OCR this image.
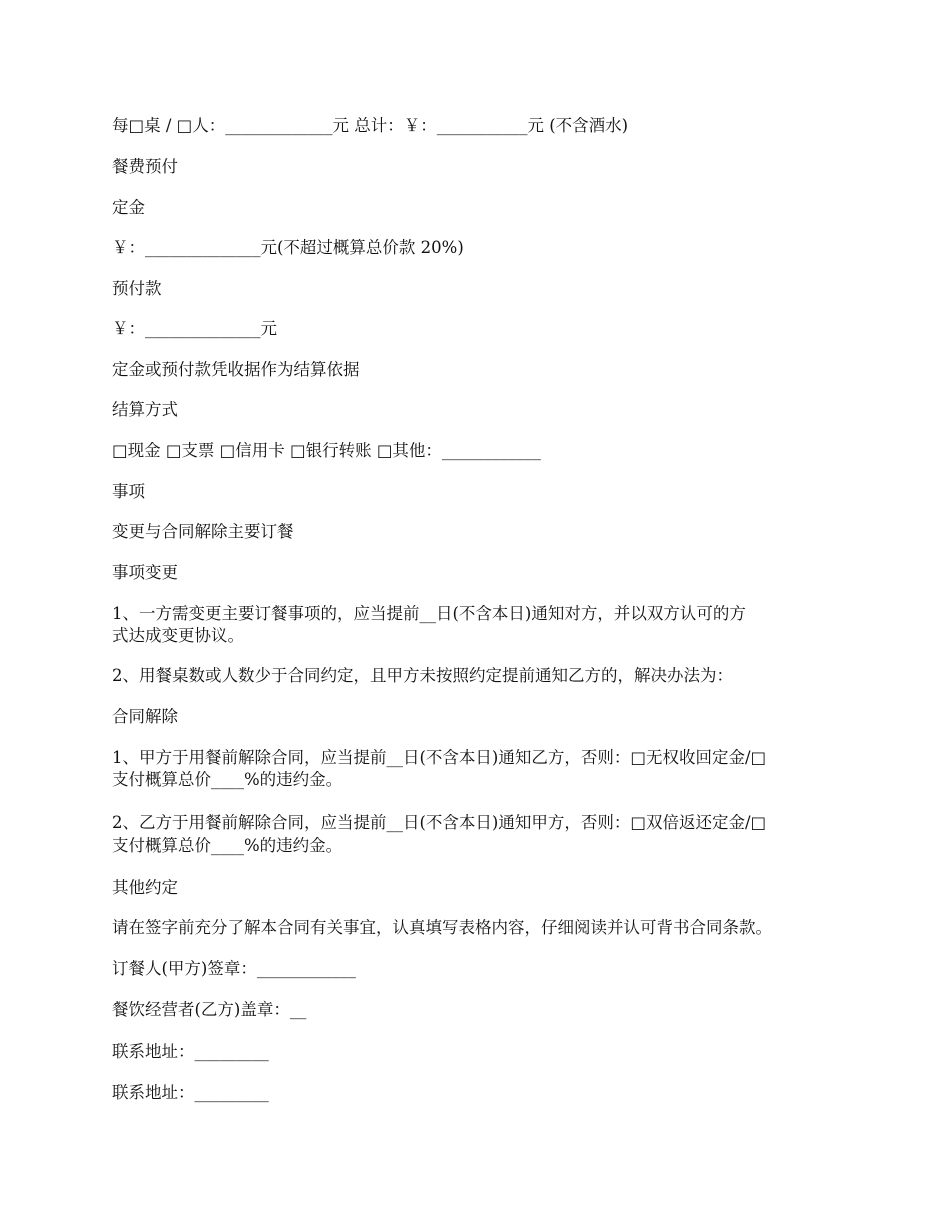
每□桌 / □人：_____________元 总计：￥：___________元 (不含酒水)

餐费预付

定金

￥：______________元(不超过概算总价款 20%)

预付款

￥：______________元

定金或预付款凭收据作为结算依据

结算方式

□现金 □支票 □信用卡 □银行转账 □其他：____________

事项

变更与合同解除主要订餐

事项变更

1、一方需变更主要订餐事项的，应当提前__日(不含本日)通知对方，并以双方认可的方

式达成变更协议。

2、用餐桌数或人数少于合同约定，且甲方未按照约定提前通知乙方的，解决办法为：

合同解除

1、甲方于用餐前解除合同，应当提前__日(不含本日)通知乙方，否则：□无权收回定金/□

支付概算总价____%的违约金。

2、乙方于用餐前解除合同，应当提前__日(不含本日)通知甲方，否则：□双倍返还定金/□

支付概算总价____%的违约金。

其他约定

请在签字前充分了解本合同有关事宜，认真填写表格内容，仔细阅读并认可背书合同条款。

订餐人(甲方)签章：____________

餐饮经营者(乙方)盖章：__

联系地址：_________

联系地址：_________
